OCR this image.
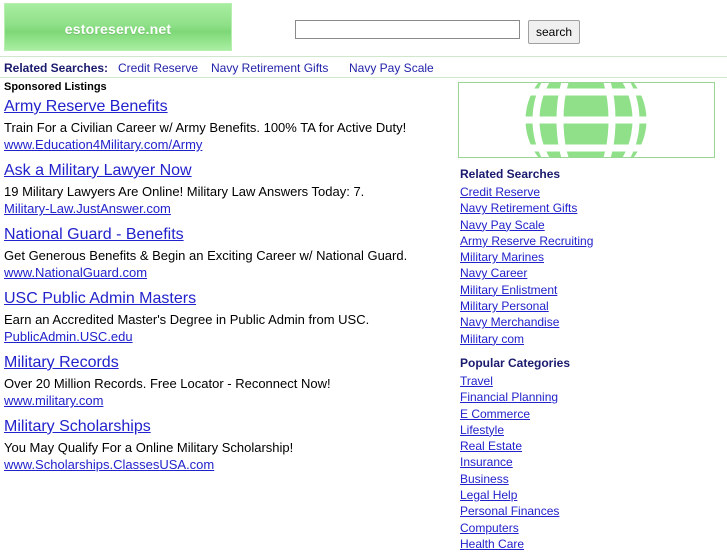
estoreserve.net	search
Related Searches: Credit Reserve Navy Retirement Gifts Navy Pay Scale
Sponsored Listings
Army Reserve Benefits
Train For a Civilian Career w/ Army Benefits. 100% TA for Active Duty!
www.Education4Military.com/Army
Ask a Military Lawyer Now
19 Military Lawyers Are Online! Military Law Answers Today: 7.
Military-Law.JustAnswer.com
National Guard - Benefits
Get Generous Benefits & Begin an Exciting Career w/ National Guard.
www.NationalGuard.com
USC Public Admin Masters
Earn an Accredited Master's Degree in Public Admin from USC.
PublicAdmin.USC.edu
Military Records
Over 20 Million Records. Free Locator - Reconnect Now!
www.military.com
Military Scholarships
You May Qualify For a Online Military Scholarship!
www.Scholarships.ClassesUSA.com
Related Searches
Credit Reserve
Navy Retirement Gifts
Navy Pay Scale
Army Reserve Recruiting
Military Marines
Navy Career
Military Enlistment
Military Personal
Navy Merchandise
Military com
Popular Categories
Travel
Financial Planning
E Commerce
Lifestyle
Real Estate
Insurance
Business
Legal Help
Personal Finances
Computers
Health Care
